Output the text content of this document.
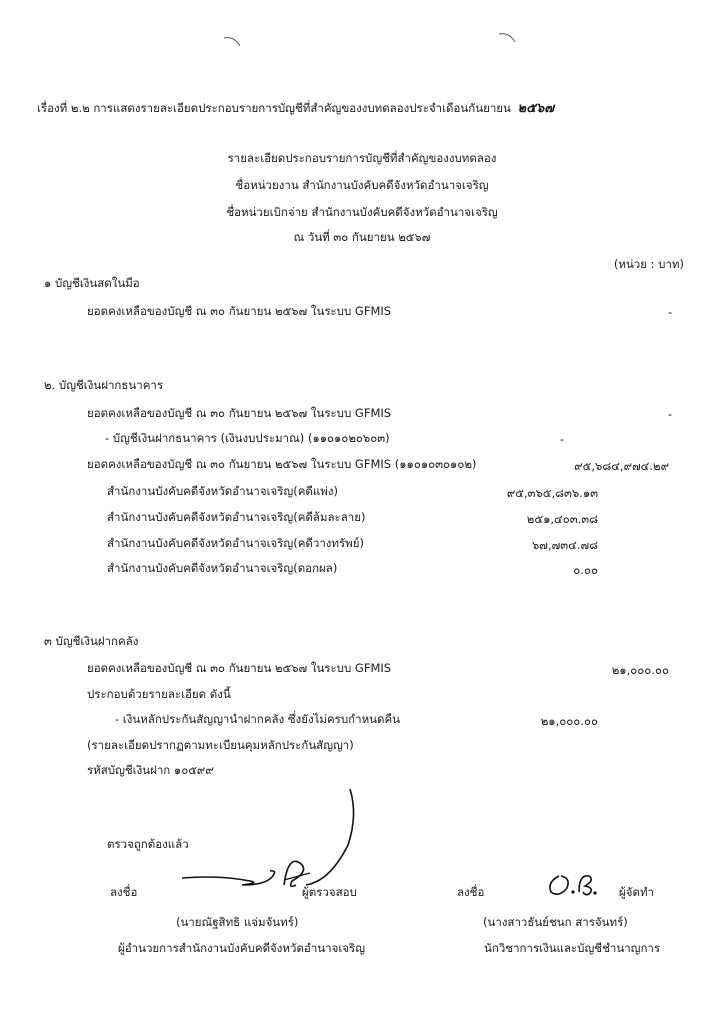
เรื่องที่ ๒.๒ การแสดงรายละเอียดประกอบรายการบัญชีที่สำคัญของงบทดลองประจำเดือนกันยายน ๒๕๖๗
รายละเอียดประกอบรายการบัญชีที่สำคัญของงบทดลอง
ชื่อหน่วยงาน สำนักงานบังคับคดีจังหวัดอำนาจเจริญ
ชื่อหน่วยเบิกจ่าย สำนักงานบังคับคดีจังหวัดอำนาจเจริญ
ณ วันที่ ๓๐ กันยายน ๒๕๖๗
(หน่วย : บาท)
๑ บัญชีเงินสดในมือ
ยอดคงเหลือของบัญชี ณ ๓๐ กันยายน ๒๕๖๗ ในระบบ GFMIS	-
๒. บัญชีเงินฝากธนาคาร
ยอดคงเหลือของบัญชี ณ ๓๐ กันยายน ๒๕๖๗ ในระบบ GFMIS	-
- บัญชีเงินฝากธนาคาร (เงินงบประมาณ) (๑๑๐๑๐๒๐๖๐๓)	-
ยอดคงเหลือของบัญชี ณ ๓๐ กันยายน ๒๕๖๗ ในระบบ GFMIS (๑๑๐๑๐๓๐๑๐๒)	๙๕,๖๘๔,๙๗๔.๒๙
สำนักงานบังคับคดีจังหวัดอำนาจเจริญ(คดีแพ่ง)	๙๕,๓๖๕,๘๓๖.๑๓
สำนักงานบังคับคดีจังหวัดอำนาจเจริญ(คดีล้มละลาย)	๒๕๑,๔๐๓.๓๘
สำนักงานบังคับคดีจังหวัดอำนาจเจริญ(คดีวางทรัพย์)	๖๗,๗๓๔.๗๘
สำนักงานบังคับคดีจังหวัดอำนาจเจริญ(ดอกผล)	๐.๐๐
๓ บัญชีเงินฝากคลัง
ยอดคงเหลือของบัญชี ณ ๓๐ กันยายน ๒๕๖๗ ในระบบ GFMIS	๒๑,๐๐๐.๐๐
ประกอบด้วยรายละเอียด ดังนี้
- เงินหลักประกันสัญญานำฝากคลัง ซึ่งยังไม่ครบกำหนดคืน	๒๑,๐๐๐.๐๐
(รายละเอียดปรากฏตามทะเบียนคุมหลักประกันสัญญา)
รหัสบัญชีเงินฝาก ๑๐๕๙๙
ตรวจถูกต้องแล้ว
ลงชื่อ	ผู้ตรวจสอบ
(นายณัฐสิทธิ แจ่มจันทร์)
ผู้อำนวยการสำนักงานบังคับคดีจังหวัดอำนาจเจริญ
ลงชื่อ	ผู้จัดทำ
(นางสาวธันย์ชนก สารจันทร์)
นักวิชาการเงินและบัญชีชำนาญการ
